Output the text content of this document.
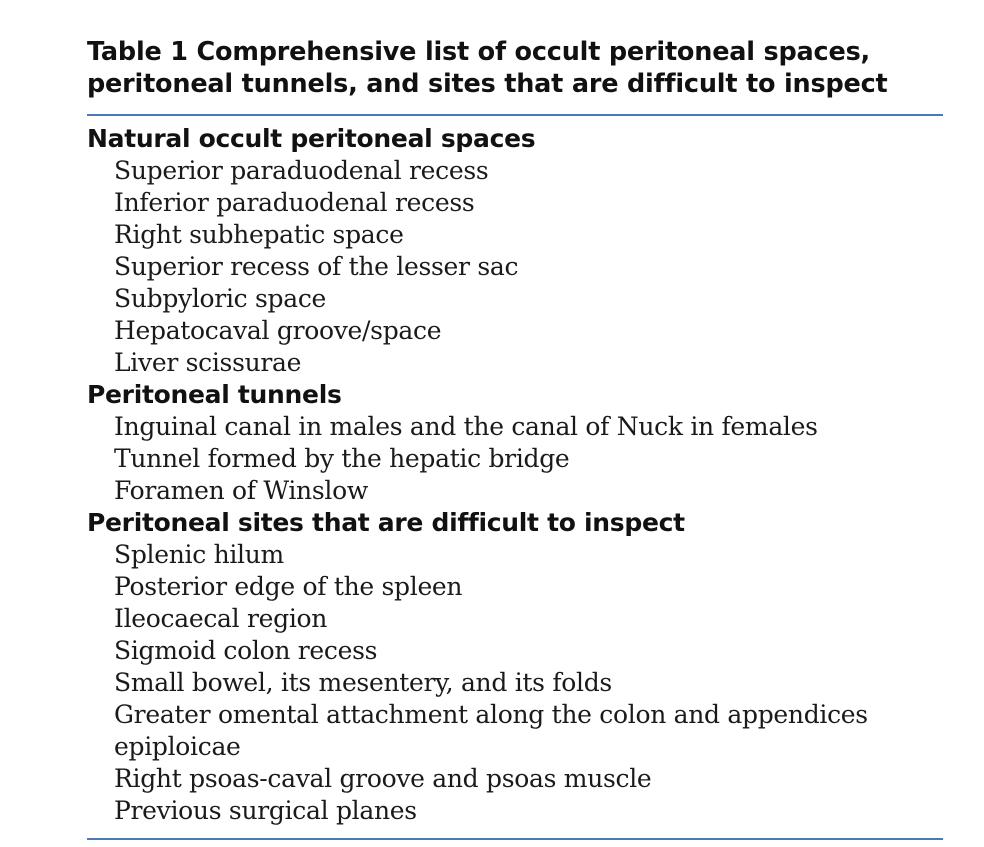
Table 1 Comprehensive list of occult peritoneal spaces,
peritoneal tunnels, and sites that are difficult to inspect
Natural occult peritoneal spaces
Superior paraduodenal recess
Inferior paraduodenal recess
Right subhepatic space
Superior recess of the lesser sac
Subpyloric space
Hepatocaval groove/space
Liver scissurae
Peritoneal tunnels
Inguinal canal in males and the canal of Nuck in females
Tunnel formed by the hepatic bridge
Foramen of Winslow
Peritoneal sites that are difficult to inspect
Splenic hilum
Posterior edge of the spleen
Ileocaecal region
Sigmoid colon recess
Small bowel, its mesentery, and its folds
Greater omental attachment along the colon and appendices
epiploicae
Right psoas-caval groove and psoas muscle
Previous surgical planes
